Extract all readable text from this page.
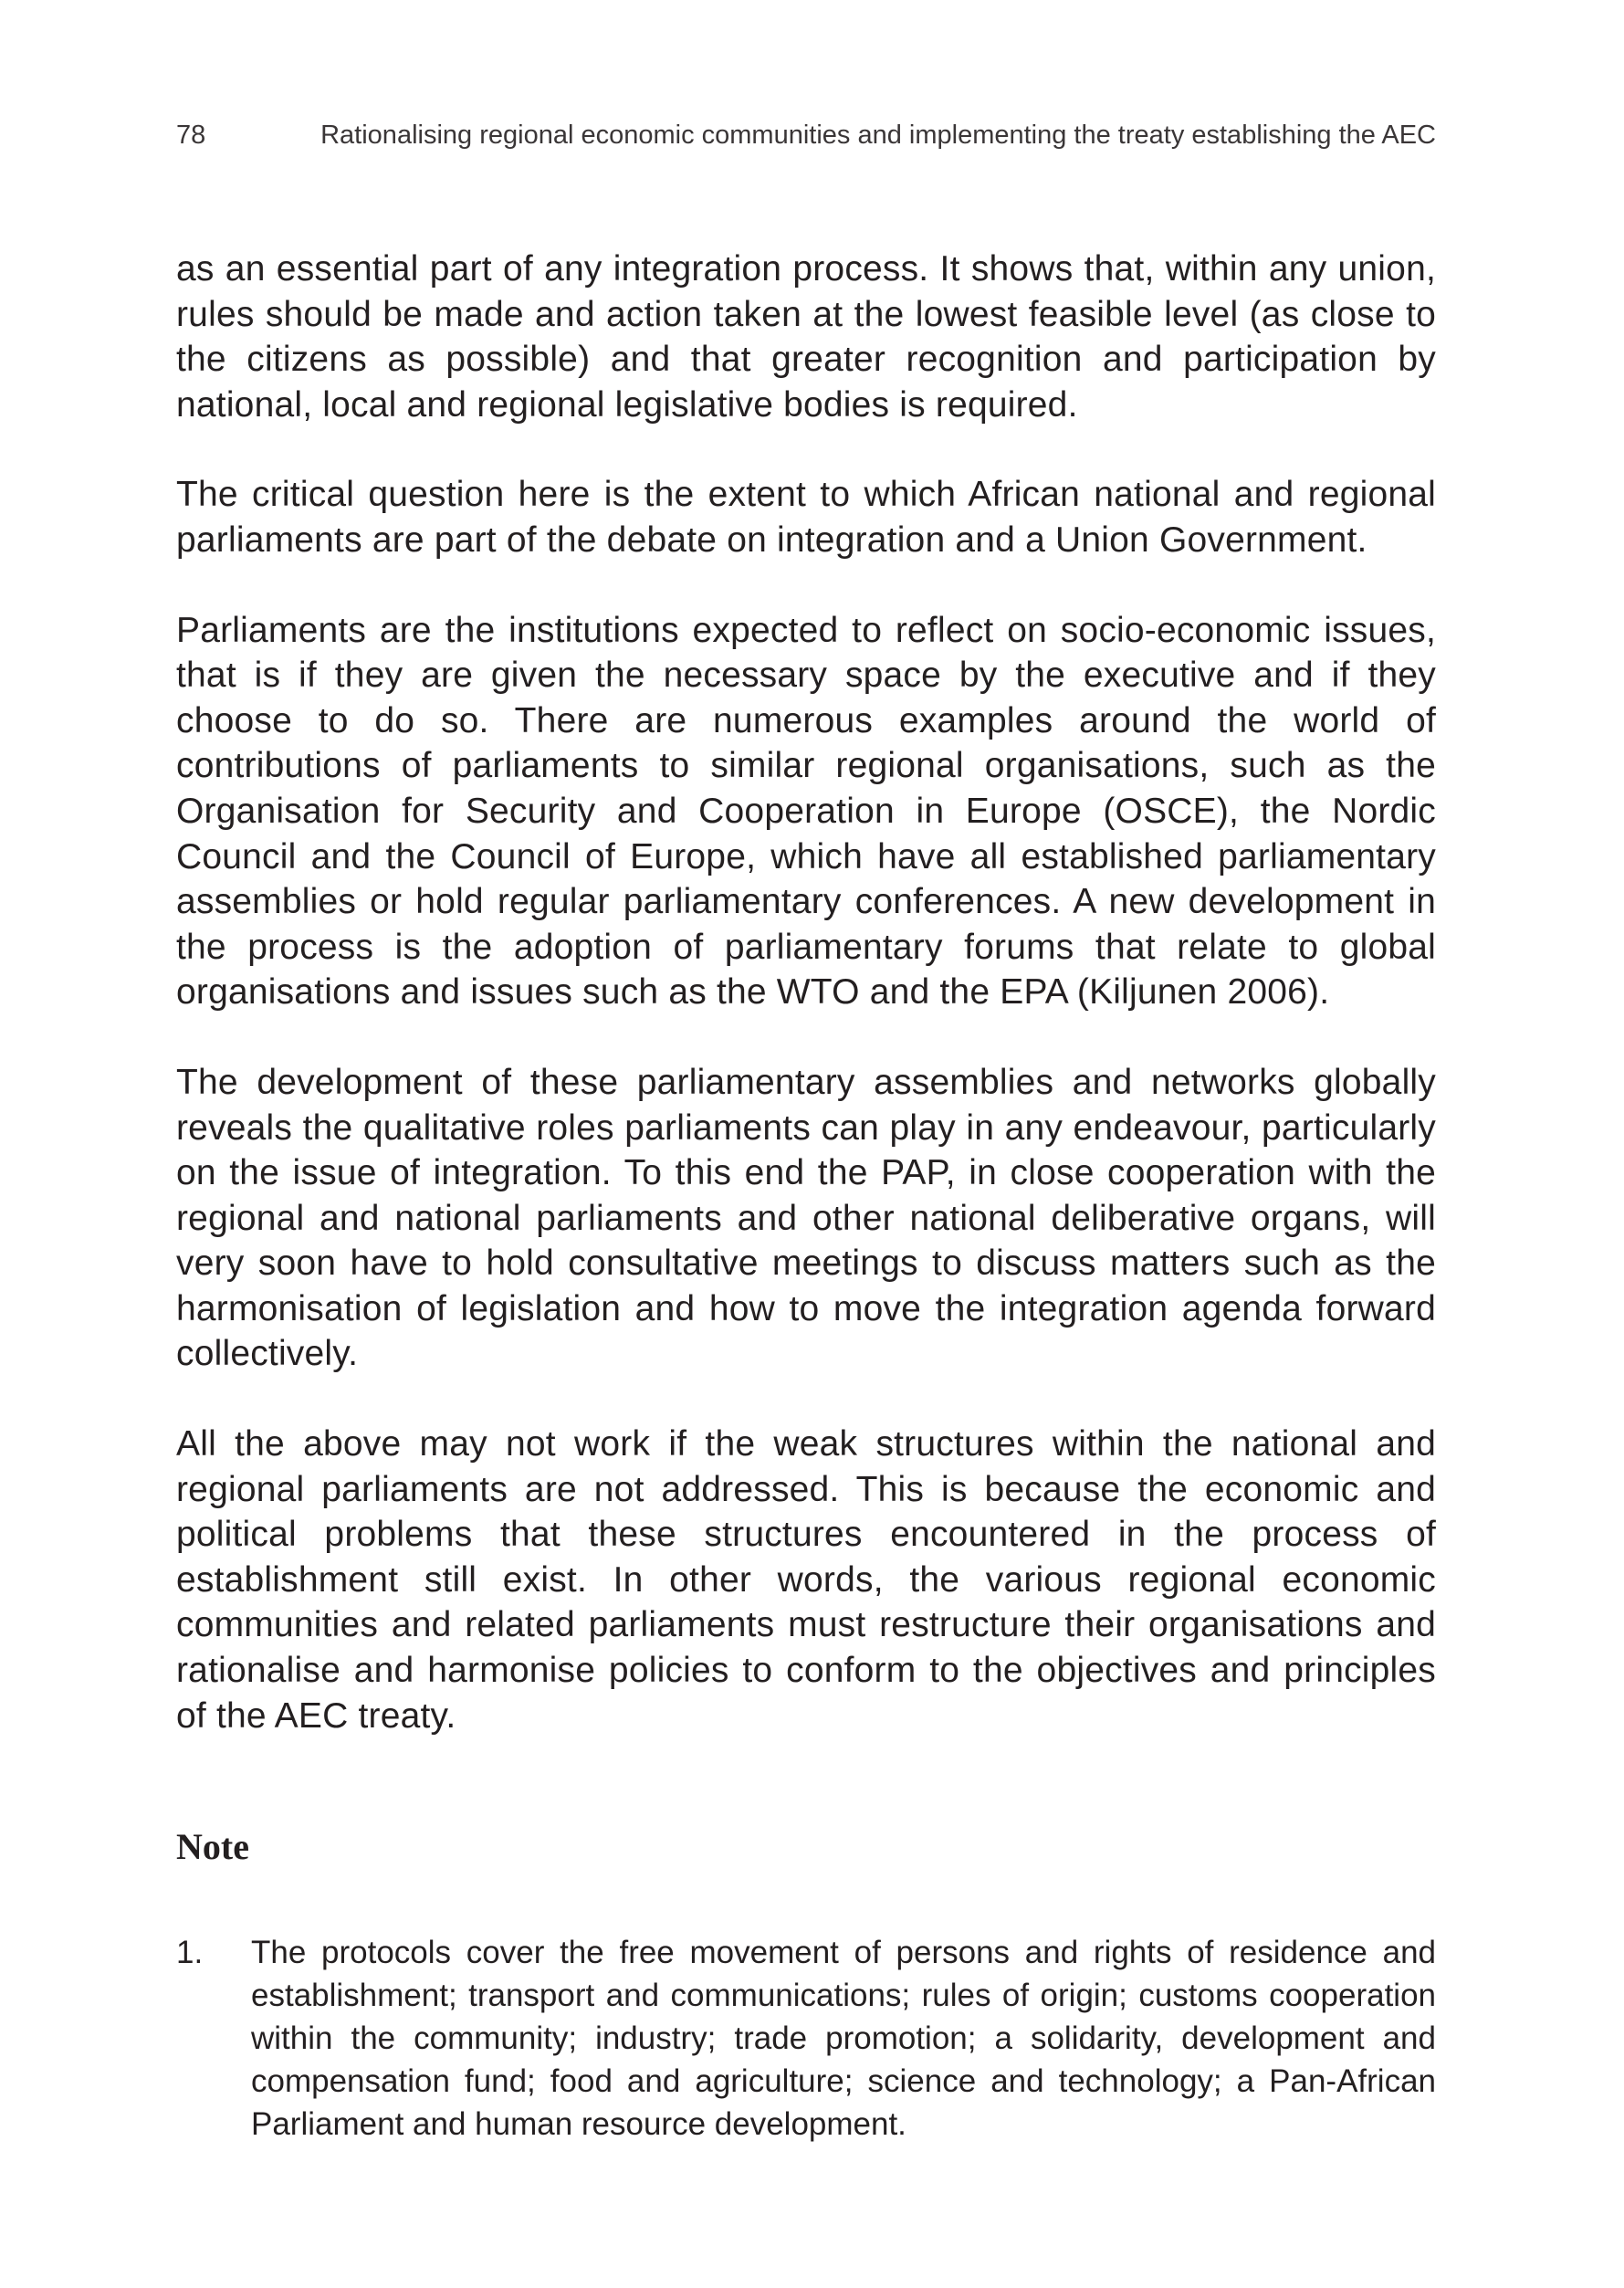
78	Rationalising regional economic communities and implementing the treaty establishing the AEC

as an essential part of any integration process. It shows that, within any union, rules should be made and action taken at the lowest feasible level (as close to the citizens as possible) and that greater recognition and participation by national, local and regional legislative bodies is required.

The critical question here is the extent to which African national and regional parliaments are part of the debate on integration and a Union Government.

Parliaments are the institutions expected to reflect on socio-economic issues, that is if they are given the necessary space by the executive and if they choose to do so. There are numerous examples around the world of contributions of parliaments to similar regional organisations, such as the Organisation for Security and Cooperation in Europe (OSCE), the Nordic Council and the Council of Europe, which have all established parliamentary assemblies or hold regular parliamentary conferences. A new development in the process is the adoption of parliamentary forums that relate to global organisations and issues such as the WTO and the EPA (Kiljunen 2006).

The development of these parliamentary assemblies and networks globally reveals the qualitative roles parliaments can play in any endeavour, particularly on the issue of integration. To this end the PAP, in close cooperation with the regional and national parliaments and other national deliberative organs, will very soon have to hold consultative meetings to discuss matters such as the harmonisation of legislation and how to move the integration agenda forward collectively.

All the above may not work if the weak structures within the national and regional parliaments are not addressed. This is because the economic and political problems that these structures encountered in the process of establishment still exist. In other words, the various regional economic communities and related parliaments must restructure their organisations and rationalise and harmonise policies to conform to the objectives and principles of the AEC treaty.

Note
1. The protocols cover the free movement of persons and rights of residence and establishment; transport and communications; rules of origin; customs cooperation within the community; industry; trade promotion; a solidarity, development and compensation fund; food and agriculture; science and technology; a Pan-African Parliament and human resource development.
